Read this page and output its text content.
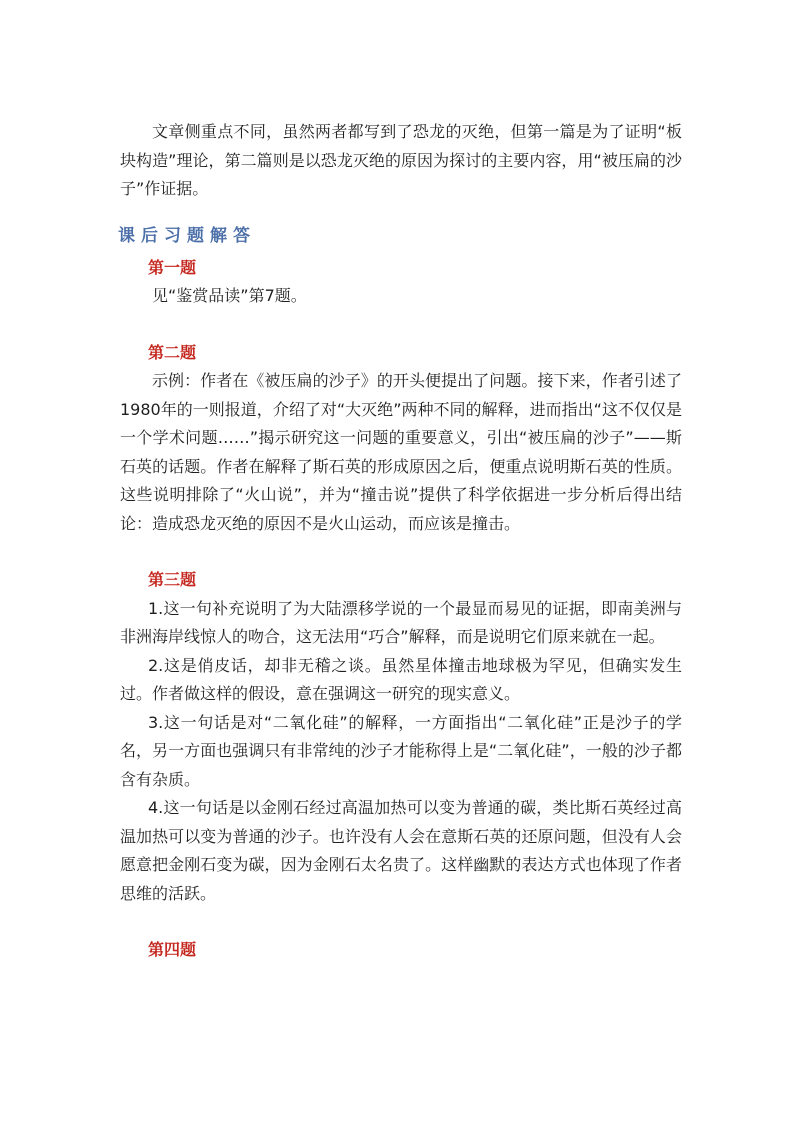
文章侧重点不同，虽然两者都写到了恐龙的灭绝，但第一篇是为了证明“板块构造”理论，第二篇则是以恐龙灭绝的原因为探讨的主要内容，用“被压扁的沙子”作证据。

课后习题解答
第一题

见“鉴赏品读”第7题。

第二题

示例：作者在《被压扁的沙子》的开头便提出了问题。接下来，作者引述了1980年的一则报道，介绍了对“大灭绝”两种不同的解释，进而指出“这不仅仅是一个学术问题……”揭示研究这一问题的重要意义，引出“被压扁的沙子”——斯石英的话题。作者在解释了斯石英的形成原因之后，便重点说明斯石英的性质。这些说明排除了“火山说”，并为“撞击说”提供了科学依据进一步分析后得出结论：造成恐龙灭绝的原因不是火山运动，而应该是撞击。

第三题

1.这一句补充说明了为大陆漂移学说的一个最显而易见的证据，即南美洲与非洲海岸线惊人的吻合，这无法用“巧合”解释，而是说明它们原来就在一起。

2.这是俏皮话，却非无稽之谈。虽然星体撞击地球极为罕见，但确实发生过。作者做这样的假设，意在强调这一研究的现实意义。

3.这一句话是对“二氧化硅”的解释，一方面指出“二氧化硅”正是沙子的学名，另一方面也强调只有非常纯的沙子才能称得上是“二氧化硅”，一般的沙子都含有杂质。

4.这一句话是以金刚石经过高温加热可以变为普通的碳，类比斯石英经过高温加热可以变为普通的沙子。也许没有人会在意斯石英的还原问题，但没有人会愿意把金刚石变为碳，因为金刚石太名贵了。这样幽默的表达方式也体现了作者思维的活跃。

第四题
